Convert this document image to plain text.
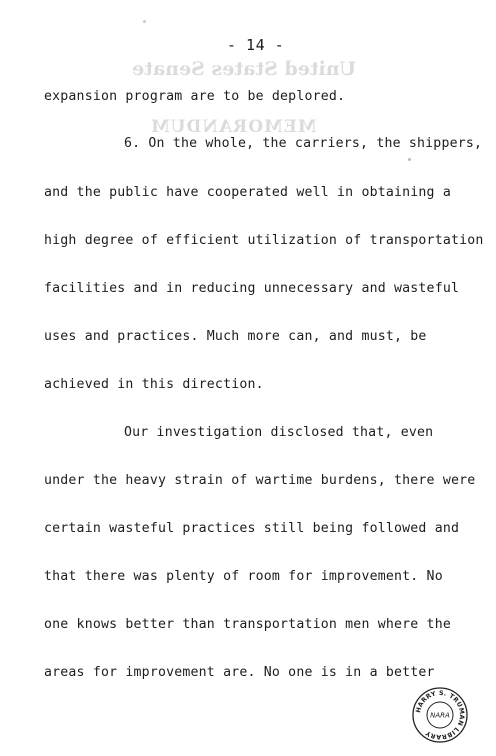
- 14 -
United States Senate
MEMORANDUM
expansion program are to be deplored.
6. On the whole, the carriers, the shippers,
and the public have cooperated well in obtaining a
high degree of efficient utilization of transportation
facilities and in reducing unnecessary and wasteful
uses and practices. Much more can, and must, be
achieved in this direction.
Our investigation disclosed that, even
under the heavy strain of wartime burdens, there were
certain wasteful practices still being followed and
that there was plenty of room for improvement. No
one knows better than transportation men where the
areas for improvement are. No one is in a better
HARRY S. TRUMAN LIBRARY
NARA
